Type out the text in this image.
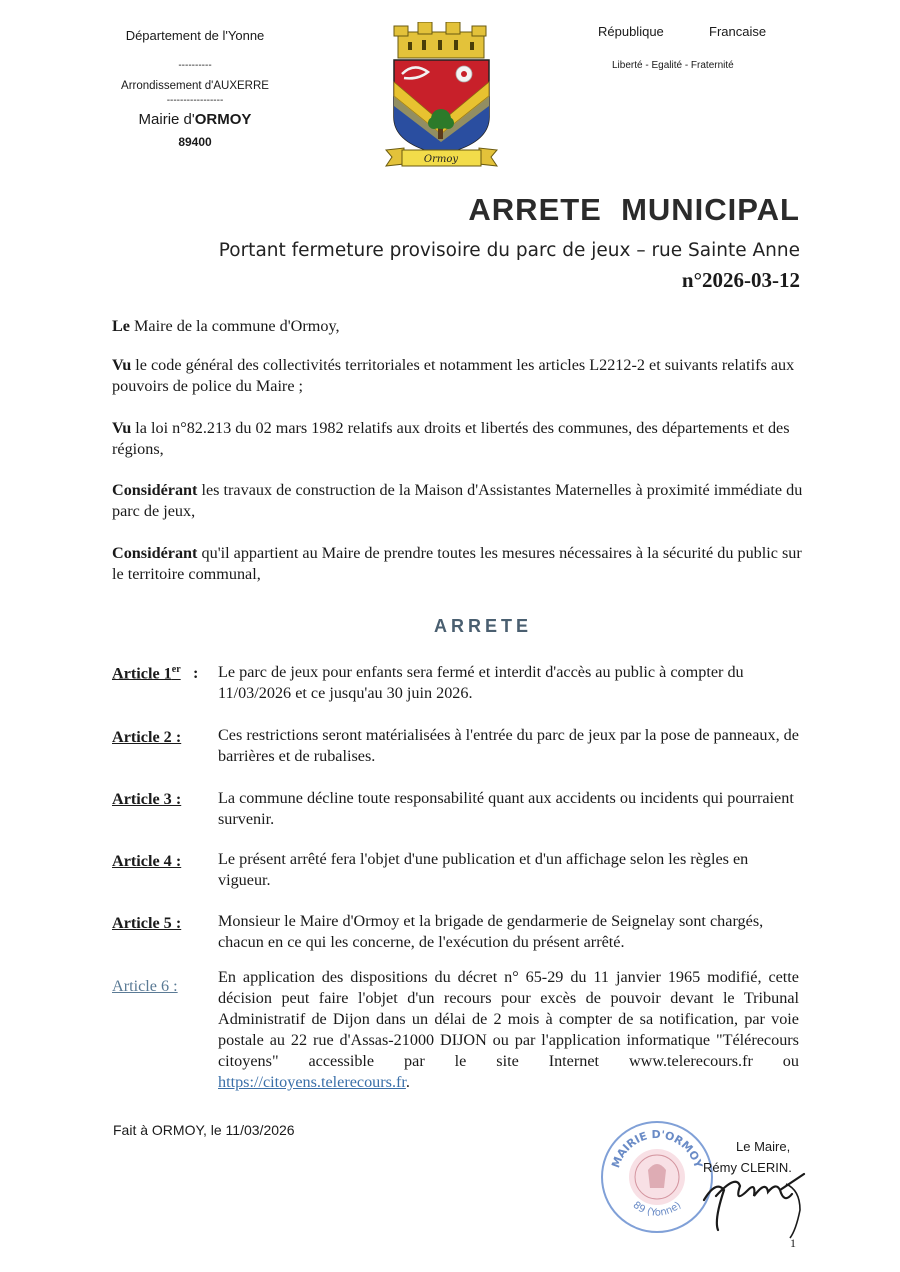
Département de l'Yonne
----------
Arrondissement d'AUXERRE
-----------------
Mairie d'ORMOY
89400
Ormoy
République	Francaise
Liberté - Egalité - Fraternité
ARRETE  MUNICIPAL
Portant fermeture provisoire du parc de jeux – rue Sainte Anne
n°2026-03-12
Le Maire de la commune d'Ormoy,
Vu le code général des collectivités territoriales et notamment les articles L2212-2 et suivants relatifs aux pouvoirs de police du Maire ;
Vu la loi n°82.213 du 02 mars 1982 relatifs aux droits et libertés des communes, des départements et des régions,
Considérant les travaux de construction de la Maison d'Assistantes Maternelles à proximité immédiate du parc de jeux,
Considérant qu'il appartient au Maire de prendre toutes les mesures nécessaires à la sécurité du public sur le territoire communal,
ARRETE
Article 1er : Le parc de jeux pour enfants sera fermé et interdit d'accès au public à compter du 11/03/2026 et ce jusqu'au 30 juin 2026.
Article 2 : Ces restrictions seront matérialisées à l'entrée du parc de jeux par la pose de panneaux, de barrières et de rubalises.
Article 3 : La commune décline toute responsabilité quant aux accidents ou incidents qui pourraient survenir.
Article 4 : Le présent arrêté fera l'objet d'une publication et d'un affichage selon les règles en vigueur.
Article 5 : Monsieur le Maire d'Ormoy et la brigade de gendarmerie de Seignelay sont chargés, chacun en ce qui les concerne, de l'exécution du présent arrêté.
Article 6 : En application des dispositions du décret n° 65-29 du 11 janvier 1965 modifié, cette décision peut faire l'objet d'un recours pour excès de pouvoir devant le Tribunal Administratif de Dijon dans un délai de 2 mois à compter de sa notification, par voie postale au 22 rue d'Assas-21000 DIJON ou par l'application informatique "Télérecours citoyens" accessible par le site Internet www.telerecours.fr ou https://citoyens.telerecours.fr.
Fait à ORMOY, le 11/03/2026
MAIRIE D'ORMOY
89 (Yonne)
Le Maire,
Rémy CLERIN.
1
